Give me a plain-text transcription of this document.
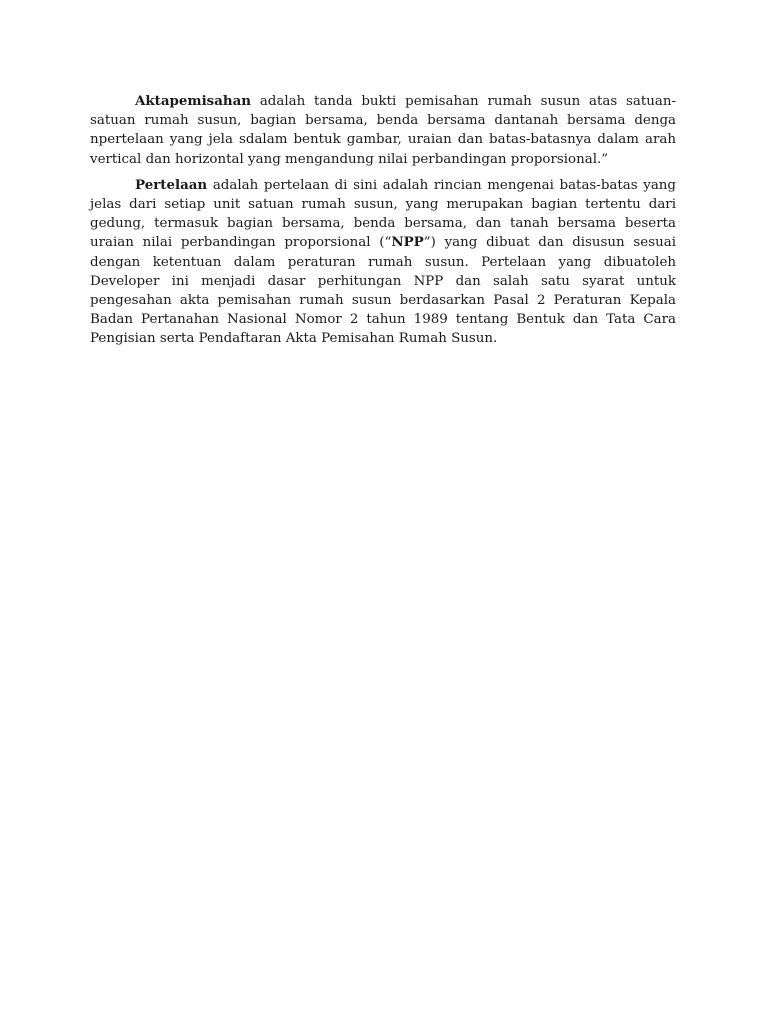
Aktapemisahan adalah tanda bukti pemisahan rumah susun atas satuan-satuan rumah susun, bagian bersama, benda bersama dantanah bersama denga npertelaan yang jela sdalam bentuk gambar, uraian dan batas-batasnya dalam arah vertical dan horizontal yang mengandung nilai perbandingan proporsional.”

Pertelaan adalah pertelaan di sini adalah rincian mengenai batas-batas yang jelas dari setiap unit satuan rumah susun, yang merupakan bagian tertentu dari gedung, termasuk bagian bersama, benda bersama, dan tanah bersama beserta uraian nilai perbandingan proporsional (“NPP”) yang dibuat dan disusun sesuai dengan ketentuan dalam peraturan rumah susun. Pertelaan yang dibuatoleh Developer ini menjadi dasar perhitungan NPP dan salah satu syarat untuk pengesahan akta pemisahan rumah susun berdasarkan Pasal 2 Peraturan Kepala Badan Pertanahan Nasional Nomor 2 tahun 1989 tentang Bentuk dan Tata Cara Pengisian serta Pendaftaran Akta Pemisahan Rumah Susun.
